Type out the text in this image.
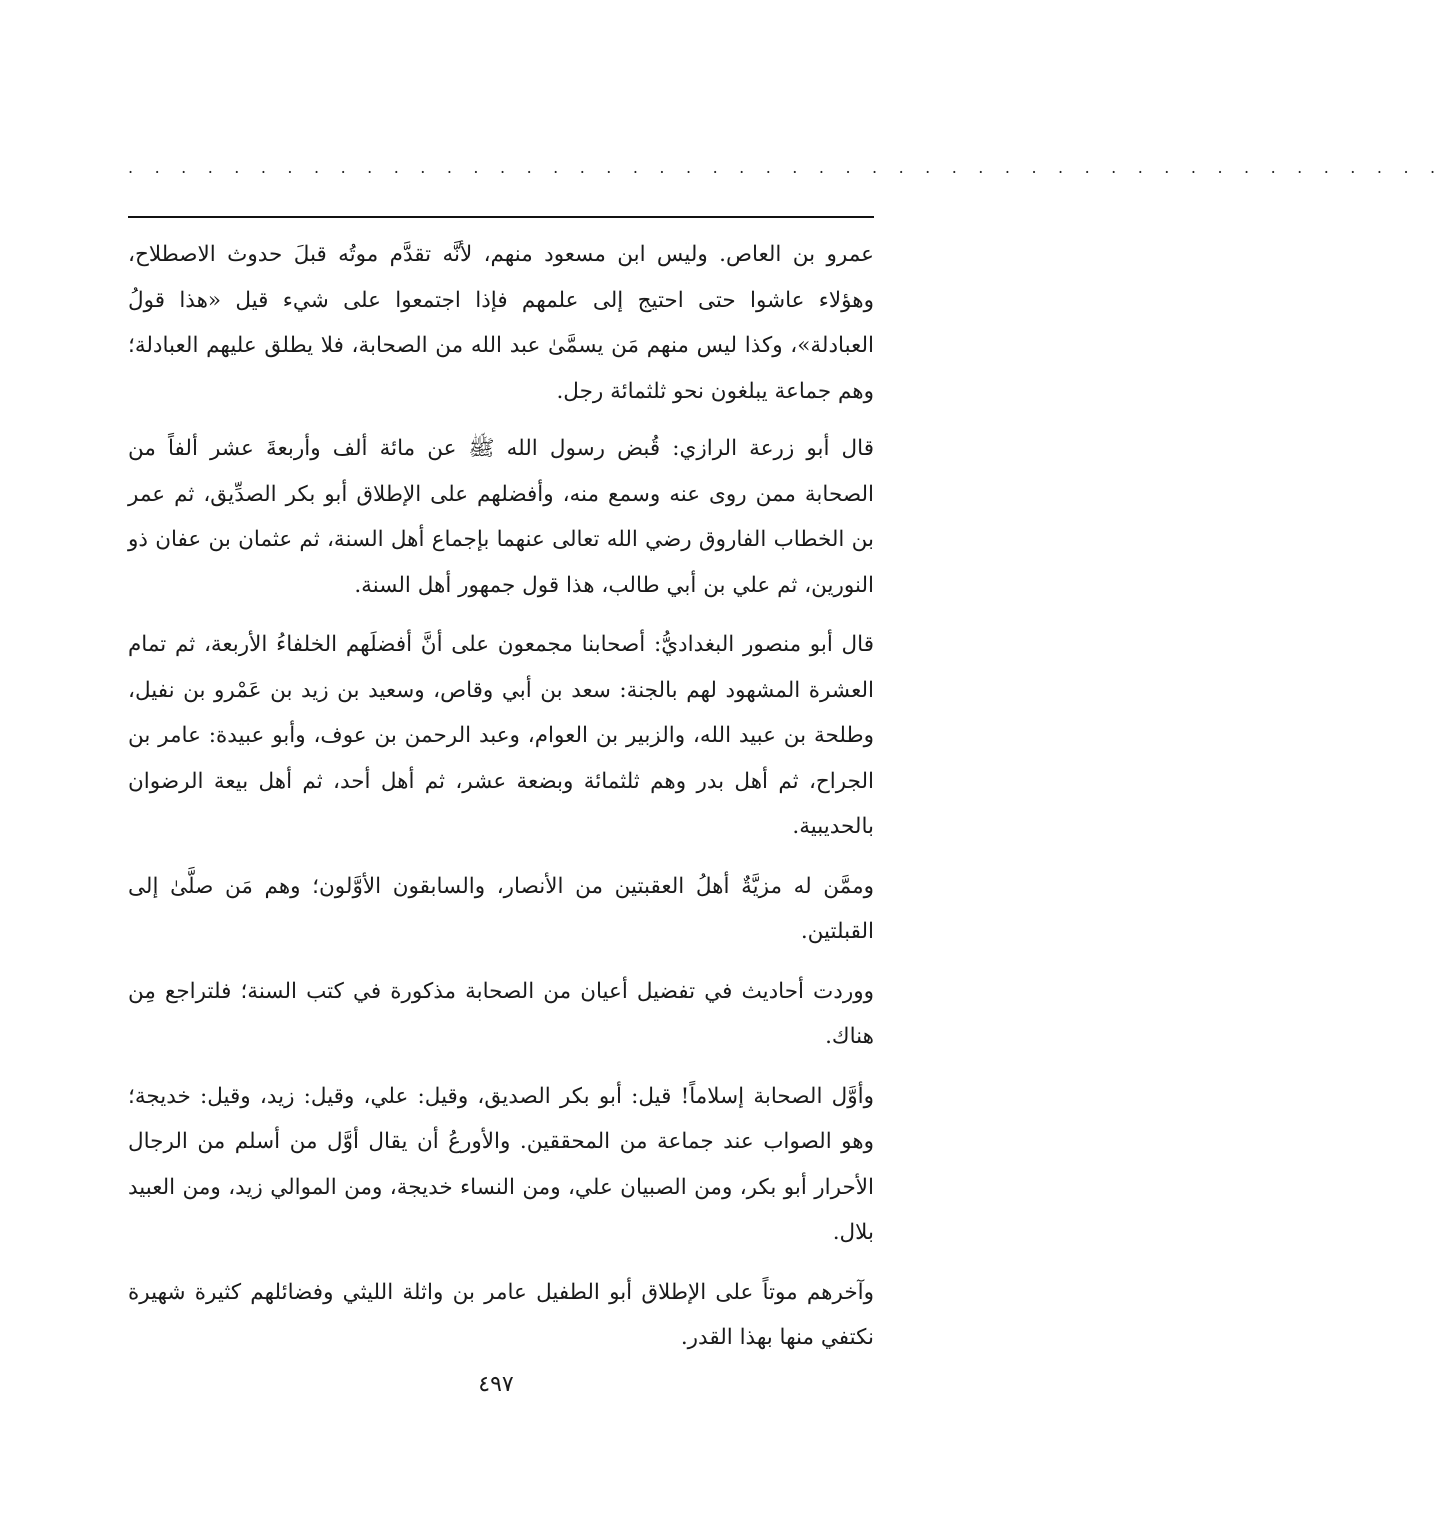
. . . . . . . . . . . . . . . . . . . . . . . . . . . . . . . . . . . . . . . . . . . . . . . . . .

عمرو بن العاص. وليس ابن مسعود منهم، لأنَّه تقدَّم موتُه قبلَ حدوث الاصطلاح، وهؤلاء عاشوا حتى احتيج إلى علمهم فإذا اجتمعوا على شيء قيل «هذا قولُ العبادلة»، وكذا ليس منهم مَن يسمَّىٰ عبد الله من الصحابة، فلا يطلق عليهم العبادلة؛ وهم جماعة يبلغون نحو ثلثمائة رجل.

قال أبو زرعة الرازي: قُبض رسول الله ﷺ عن مائة ألف وأربعةَ عشر ألفاً من الصحابة ممن روى عنه وسمع منه، وأفضلهم على الإطلاق أبو بكر الصدِّيق، ثم عمر بن الخطاب الفاروق رضي الله تعالى عنهما بإجماع أهل السنة، ثم عثمان بن عفان ذو النورين، ثم علي بن أبي طالب، هذا قول جمهور أهل السنة.

قال أبو منصور البغداديُّ: أصحابنا مجمعون على أنَّ أفضلَهم الخلفاءُ الأربعة، ثم تمام العشرة المشهود لهم بالجنة: سعد بن أبي وقاص، وسعيد بن زيد بن عَمْرو بن نفيل، وطلحة بن عبيد الله، والزبير بن العوام، وعبد الرحمن بن عوف، وأبو عبيدة: عامر بن الجراح، ثم أهل بدر وهم ثلثمائة وبضعة عشر، ثم أهل أحد، ثم أهل بيعة الرضوان بالحديبية.

وممَّن له مزيَّةٌ أهلُ العقبتين من الأنصار، والسابقون الأوَّلون؛ وهم مَن صلَّىٰ إلى القبلتين.

ووردت أحاديث في تفضيل أعيان من الصحابة مذكورة في كتب السنة؛ فلتراجع مِن هناك.

وأوَّل الصحابة إسلاماً! قيل: أبو بكر الصديق، وقيل: علي، وقيل: زيد، وقيل: خديجة؛ وهو الصواب عند جماعة من المحققين. والأورعُ أن يقال أوَّل من أسلم من الرجال الأحرار أبو بكر، ومن الصبيان علي، ومن النساء خديجة، ومن الموالي زيد، ومن العبيد بلال.

وآخرهم موتاً على الإطلاق أبو الطفيل عامر بن واثلة الليثي وفضائلهم كثيرة شهيرة نكتفي منها بهذا القدر.

٤٩٧
